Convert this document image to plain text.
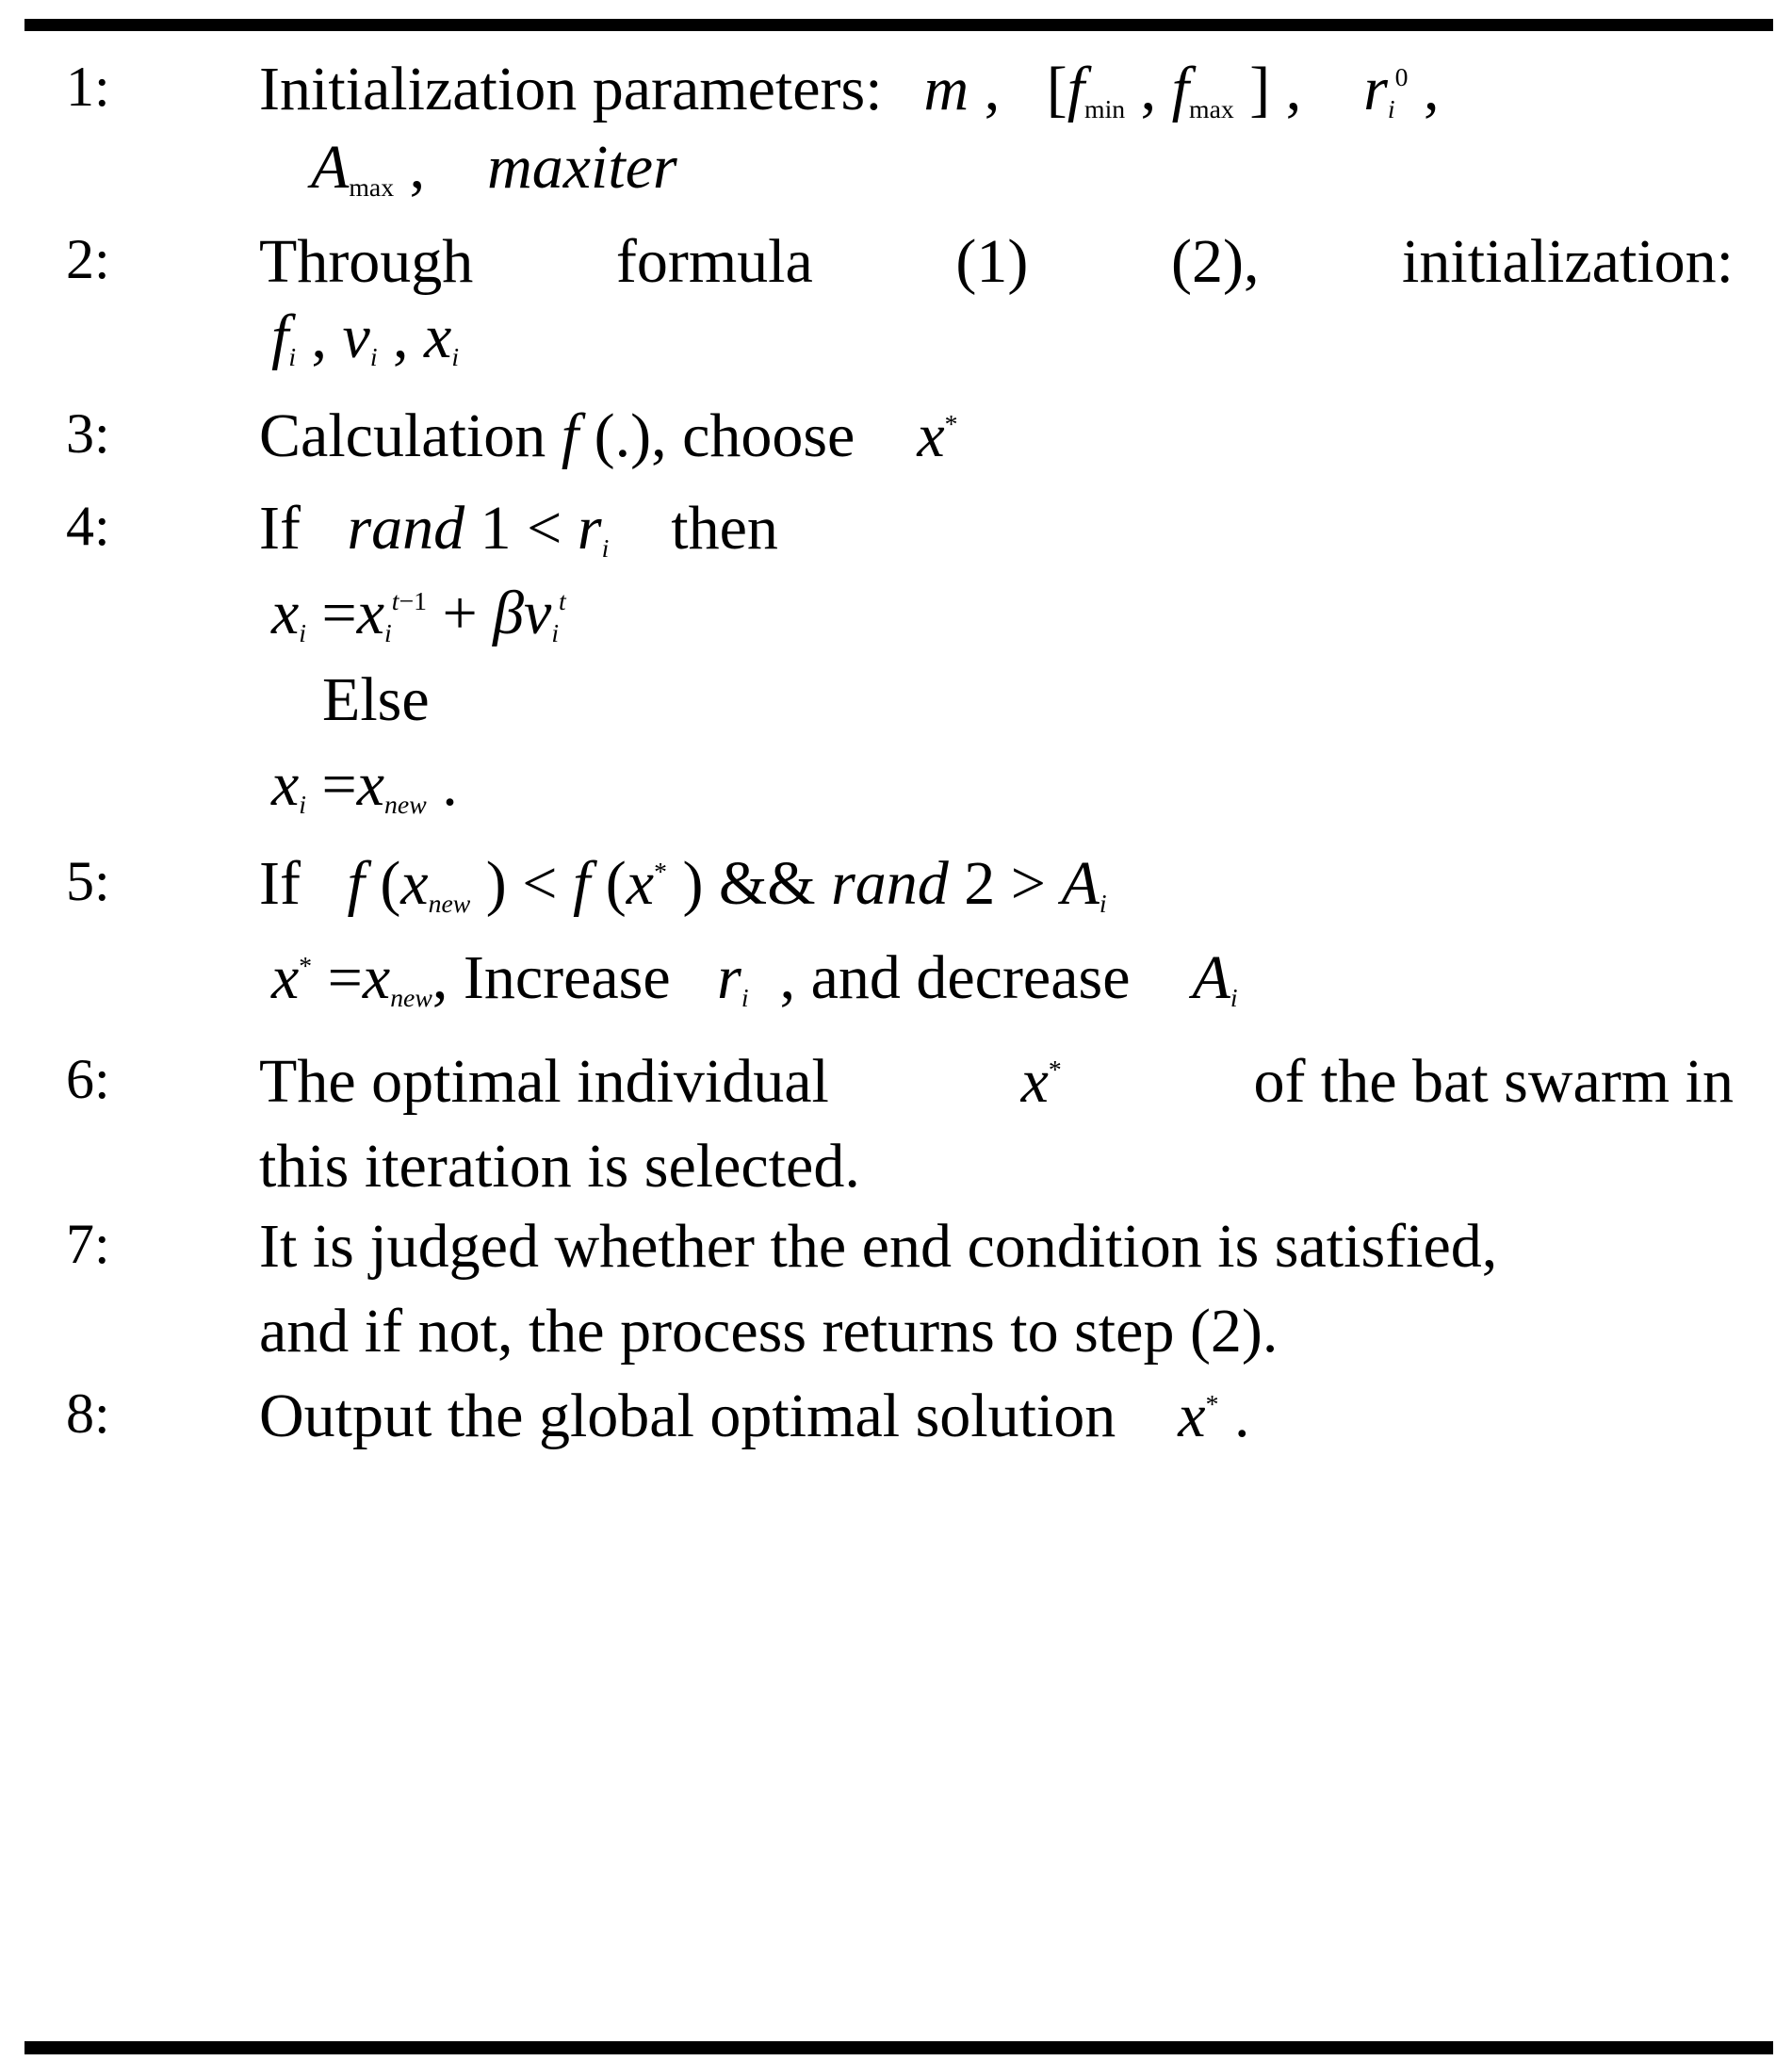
1: Initialization parameters: m ,   [$f_{min}$ , $f_{max}$ ] ,    $r_i^0$ ,
$A_{max}$ ,    maxiter
2: Through formula (1) (2), initialization:
$f_i$ , $v_i$ , $x_i$
3: Calculation f (.), choose x*
4: If rand $1 < r_i$ then
$x_i =x_i^{t-1} + \beta v_i^t$
Else
$x_i =x_{new}$ .
5: If f ($x_{new}$ ) < f (x* ) && rand $2 > A_i$
$x^* =x_{new}$, Increase $r_i$ , and decrease $A_i$
6: The optimal individual	x*	of the bat swarm in
this iteration is selected.
7: It is judged whether the end condition is satisfied,
and if not, the process returns to step (2).
8: Output the global optimal solution x* .
